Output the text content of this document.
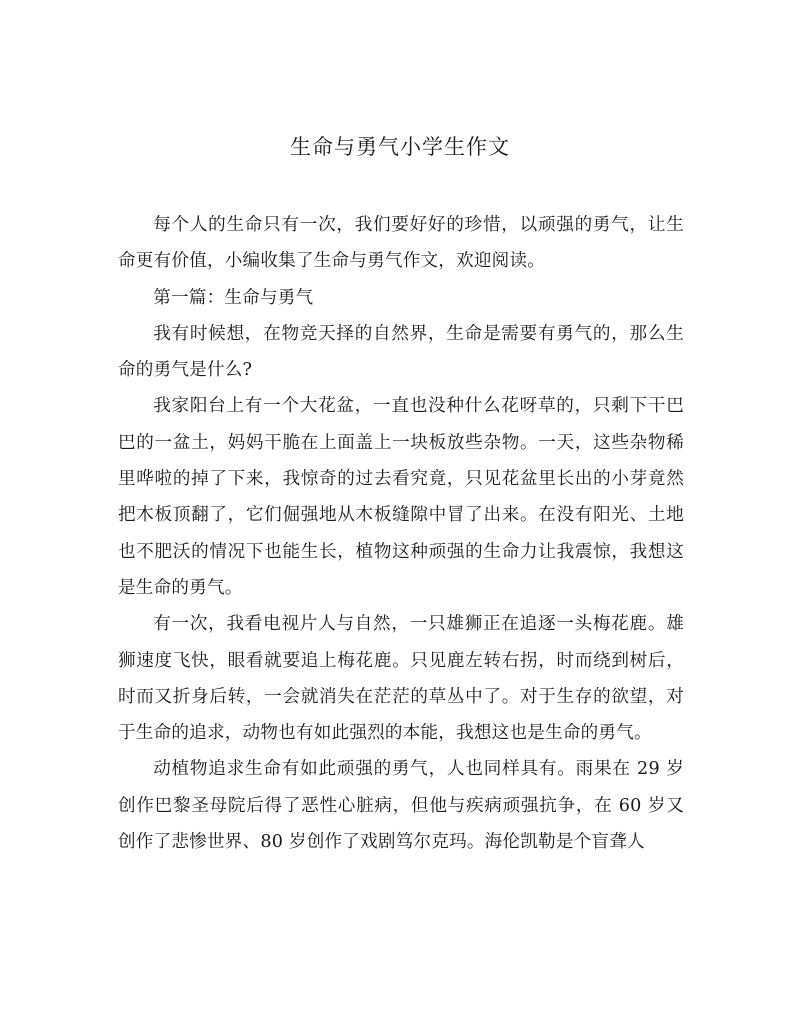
生命与勇气小学生作文

每个人的生命只有一次，我们要好好的珍惜，以顽强的勇气，让生命更有价值，小编收集了生命与勇气作文，欢迎阅读。

第一篇：生命与勇气

我有时候想，在物竞天择的自然界，生命是需要有勇气的，那么生命的勇气是什么?

我家阳台上有一个大花盆，一直也没种什么花呀草的，只剩下干巴巴的一盆土，妈妈干脆在上面盖上一块板放些杂物。一天，这些杂物稀里哗啦的掉了下来，我惊奇的过去看究竟，只见花盆里长出的小芽竟然把木板顶翻了，它们倔强地从木板缝隙中冒了出来。在没有阳光、土地也不肥沃的情况下也能生长，植物这种顽强的生命力让我震惊，我想这是生命的勇气。

有一次，我看电视片人与自然，一只雄狮正在追逐一头梅花鹿。雄狮速度飞快，眼看就要追上梅花鹿。只见鹿左转右拐，时而绕到树后，时而又折身后转，一会就消失在茫茫的草丛中了。对于生存的欲望，对于生命的追求，动物也有如此强烈的本能，我想这也是生命的勇气。

动植物追求生命有如此顽强的勇气，人也同样具有。雨果在 29 岁创作巴黎圣母院后得了恶性心脏病，但他与疾病顽强抗争，在 60 岁又创作了悲惨世界、80 岁创作了戏剧笃尔克玛。海伦凯勒是个盲聋人
